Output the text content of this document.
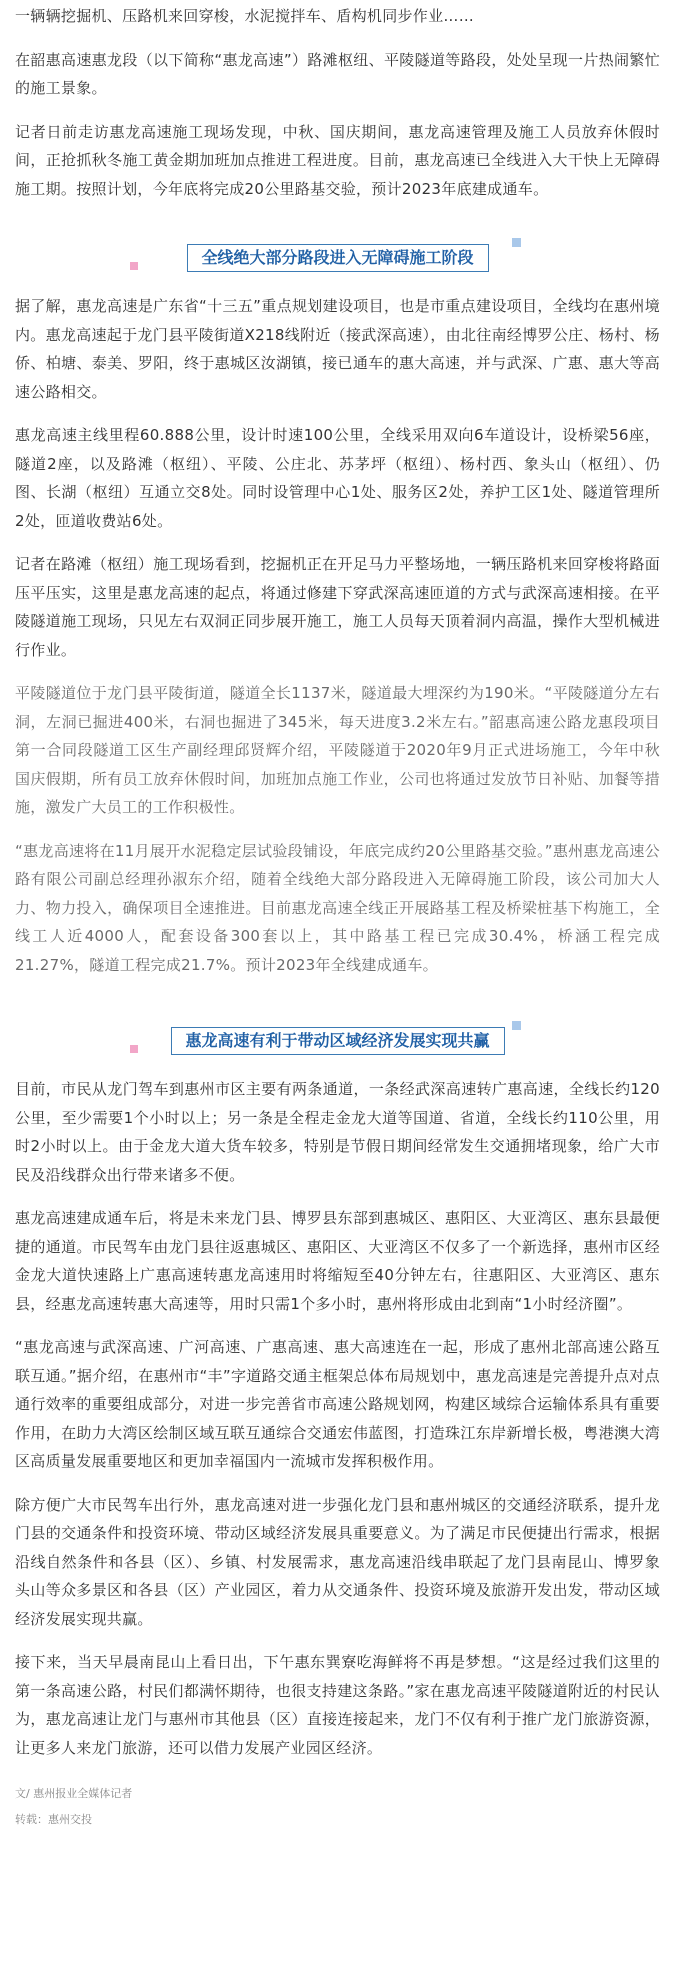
一辆辆挖掘机、压路机来回穿梭，水泥搅拌车、盾构机同步作业……

在韶惠高速惠龙段（以下简称“惠龙高速”）路滩枢纽、平陵隧道等路段，处处呈现一片热闹繁忙的施工景象。

记者日前走访惠龙高速施工现场发现，中秋、国庆期间，惠龙高速管理及施工人员放弃休假时间，正抢抓秋冬施工黄金期加班加点推进工程进度。目前，惠龙高速已全线进入大干快上无障碍施工期。按照计划，今年底将完成20公里路基交验，预计2023年底建成通车。

全线绝大部分路段进入无障碍施工阶段

据了解，惠龙高速是广东省“十三五”重点规划建设项目，也是市重点建设项目，全线均在惠州境内。惠龙高速起于龙门县平陵街道X218线附近（接武深高速），由北往南经博罗公庄、杨村、杨侨、柏塘、泰美、罗阳，终于惠城区汝湖镇，接已通车的惠大高速，并与武深、广惠、惠大等高速公路相交。

惠龙高速主线里程60.888公里，设计时速100公里，全线采用双向6车道设计，设桥梁56座，隧道2座，以及路滩（枢纽）、平陵、公庄北、苏茅坪（枢纽）、杨村西、象头山（枢纽）、仍图、长湖（枢纽）互通立交8处。同时设管理中心1处、服务区2处，养护工区1处、隧道管理所2处，匝道收费站6处。

记者在路滩（枢纽）施工现场看到，挖掘机正在开足马力平整场地，一辆压路机来回穿梭将路面压平压实，这里是惠龙高速的起点，将通过修建下穿武深高速匝道的方式与武深高速相接。在平陵隧道施工现场，只见左右双洞正同步展开施工，施工人员每天顶着洞内高温，操作大型机械进行作业。

平陵隧道位于龙门县平陵街道，隧道全长1137米，隧道最大埋深约为190米。“平陵隧道分左右洞，左洞已掘进400米，右洞也掘进了345米，每天进度3.2米左右。”韶惠高速公路龙惠段项目第一合同段隧道工区生产副经理邱贤辉介绍，平陵隧道于2020年9月正式进场施工，今年中秋国庆假期，所有员工放弃休假时间，加班加点施工作业，公司也将通过发放节日补贴、加餐等措施，激发广大员工的工作积极性。

“惠龙高速将在11月展开水泥稳定层试验段铺设，年底完成约20公里路基交验。”惠州惠龙高速公路有限公司副总经理孙淑东介绍，随着全线绝大部分路段进入无障碍施工阶段，该公司加大人力、物力投入，确保项目全速推进。目前惠龙高速全线正开展路基工程及桥梁桩基下构施工，全线工人近4000人，配套设备300套以上，其中路基工程已完成30.4%，桥涵工程完成21.27%，隧道工程完成21.7%。预计2023年全线建成通车。

惠龙高速有利于带动区域经济发展实现共赢

目前，市民从龙门驾车到惠州市区主要有两条通道，一条经武深高速转广惠高速，全线长约120公里，至少需要1个小时以上；另一条是全程走金龙大道等国道、省道，全线长约110公里，用时2小时以上。由于金龙大道大货车较多，特别是节假日期间经常发生交通拥堵现象，给广大市民及沿线群众出行带来诸多不便。

惠龙高速建成通车后，将是未来龙门县、博罗县东部到惠城区、惠阳区、大亚湾区、惠东县最便捷的通道。市民驾车由龙门县往返惠城区、惠阳区、大亚湾区不仅多了一个新选择，惠州市区经金龙大道快速路上广惠高速转惠龙高速用时将缩短至40分钟左右，往惠阳区、大亚湾区、惠东县，经惠龙高速转惠大高速等，用时只需1个多小时，惠州将形成由北到南“1小时经济圈”。

“惠龙高速与武深高速、广河高速、广惠高速、惠大高速连在一起，形成了惠州北部高速公路互联互通。”据介绍，在惠州市“丰”字道路交通主框架总体布局规划中，惠龙高速是完善提升点对点通行效率的重要组成部分，对进一步完善省市高速公路规划网，构建区域综合运输体系具有重要作用，在助力大湾区绘制区域互联互通综合交通宏伟蓝图，打造珠江东岸新增长极，粤港澳大湾区高质量发展重要地区和更加幸福国内一流城市发挥积极作用。

除方便广大市民驾车出行外，惠龙高速对进一步强化龙门县和惠州城区的交通经济联系，提升龙门县的交通条件和投资环境、带动区域经济发展具重要意义。为了满足市民便捷出行需求，根据沿线自然条件和各县（区）、乡镇、村发展需求，惠龙高速沿线串联起了龙门县南昆山、博罗象头山等众多景区和各县（区）产业园区，着力从交通条件、投资环境及旅游开发出发，带动区域经济发展实现共赢。

接下来，当天早晨南昆山上看日出，下午惠东巽寮吃海鲜将不再是梦想。“这是经过我们这里的第一条高速公路，村民们都满怀期待，也很支持建这条路。”家在惠龙高速平陵隧道附近的村民认为，惠龙高速让龙门与惠州市其他县（区）直接连接起来，龙门不仅有利于推广龙门旅游资源，让更多人来龙门旅游，还可以借力发展产业园区经济。

文/ 惠州报业全媒体记者
转载：惠州交投
